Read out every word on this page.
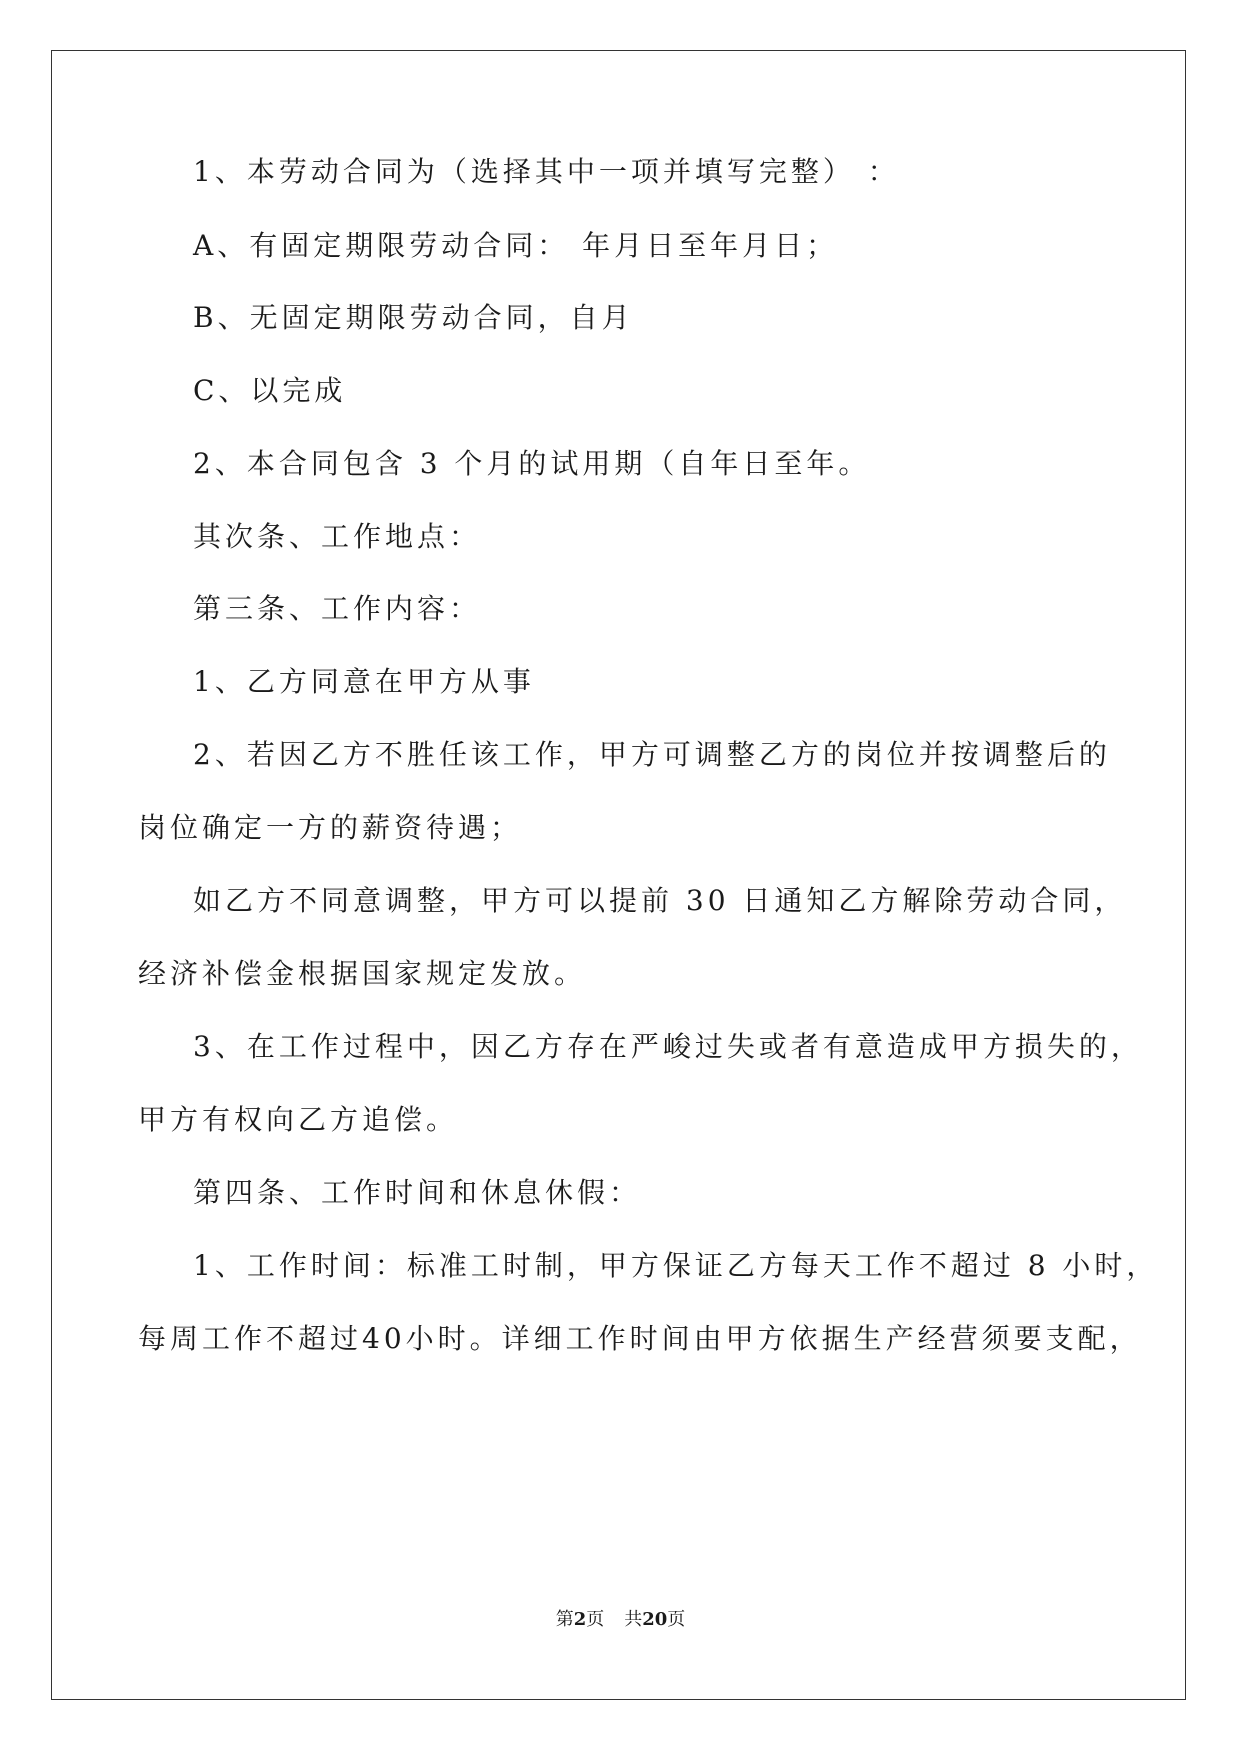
1、本劳动合同为（选择其中一项并填写完整） ：
A、有固定期限劳动合同： 年月日至年月日；
B、无固定期限劳动合同，自月
C、以完成
2、本合同包含 3 个月的试用期（自年日至年。
其次条、工作地点：
第三条、工作内容：
1、乙方同意在甲方从事
2、若因乙方不胜任该工作，甲方可调整乙方的岗位并按调整后的
岗位确定一方的薪资待遇；
如乙方不同意调整，甲方可以提前 30 日通知乙方解除劳动合同，
经济补偿金根据国家规定发放。
3、在工作过程中，因乙方存在严峻过失或者有意造成甲方损失的，
甲方有权向乙方追偿。
第四条、工作时间和休息休假：
1、工作时间：标准工时制，甲方保证乙方每天工作不超过 8 小时，
每周工作不超过40小时。详细工作时间由甲方依据生产经营须要支配，
第2页 共20页
